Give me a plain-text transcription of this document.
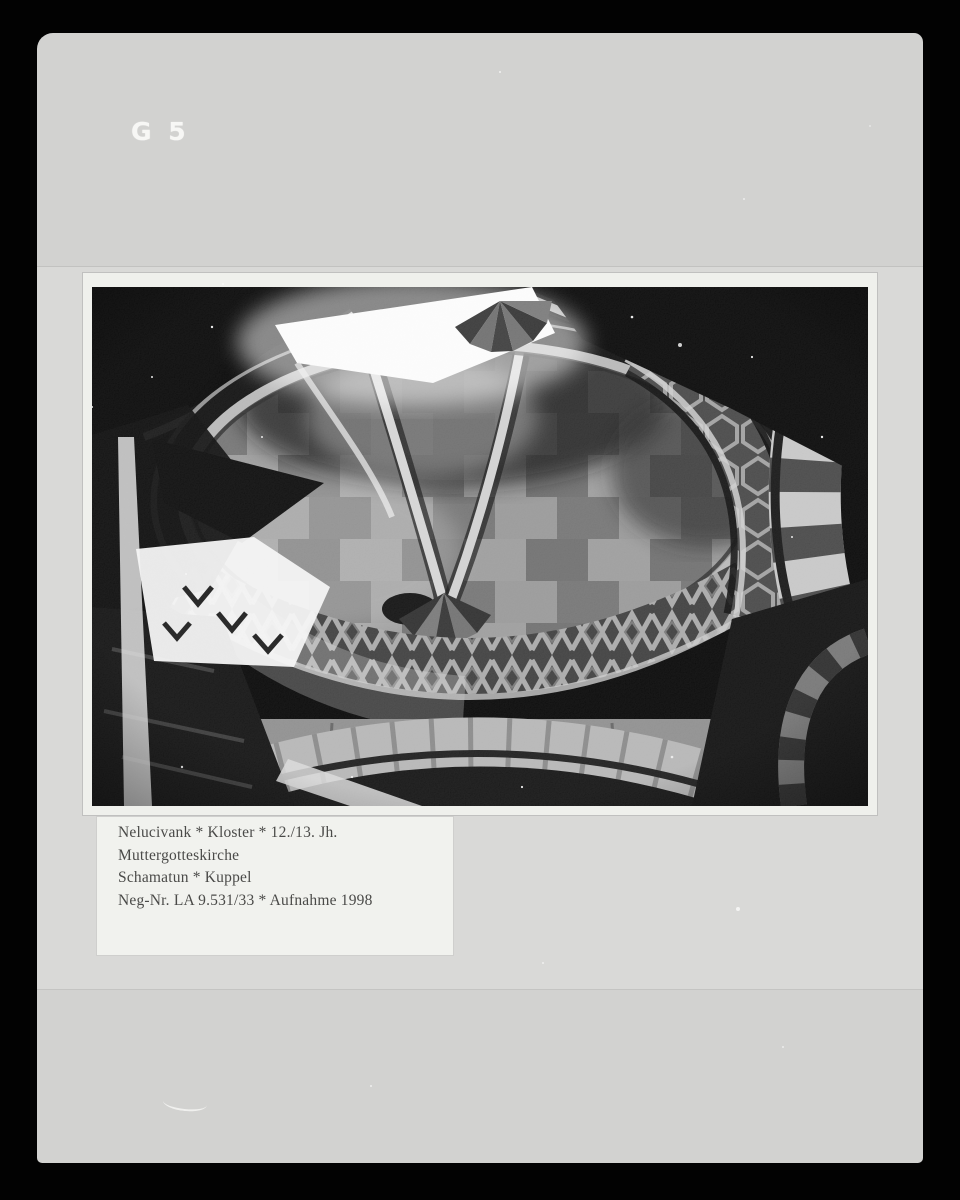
G 5

Nelucivank * Kloster * 12./13. Jh.

Muttergotteskirche

Schamatun * Kuppel

Neg-Nr. LA 9.531/33 * Aufnahme 1998
